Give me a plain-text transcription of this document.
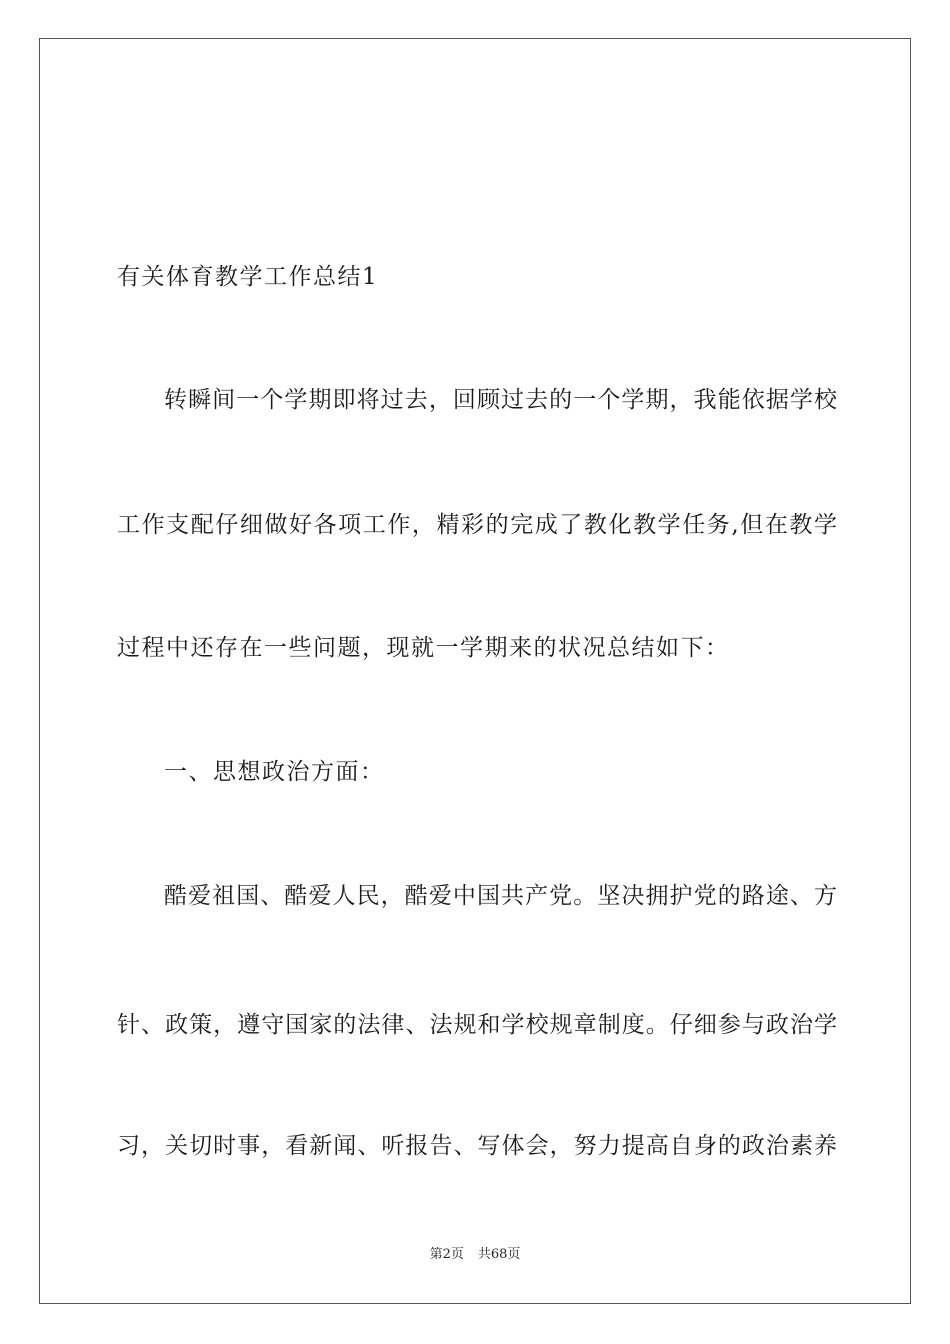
有关体育教学工作总结1
转瞬间一个学期即将过去，回顾过去的一个学期，我能依据学校
工作支配仔细做好各项工作，精彩的完成了教化教学任务,但在教学
过程中还存在一些问题，现就一学期来的状况总结如下：
一、思想政治方面：
酷爱祖国、酷爱人民，酷爱中国共产党。坚决拥护党的路途、方
针、政策，遵守国家的法律、法规和学校规章制度。仔细参与政治学
习，关切时事，看新闻、听报告、写体会，努力提高自身的政治素养
第2页 共68页
